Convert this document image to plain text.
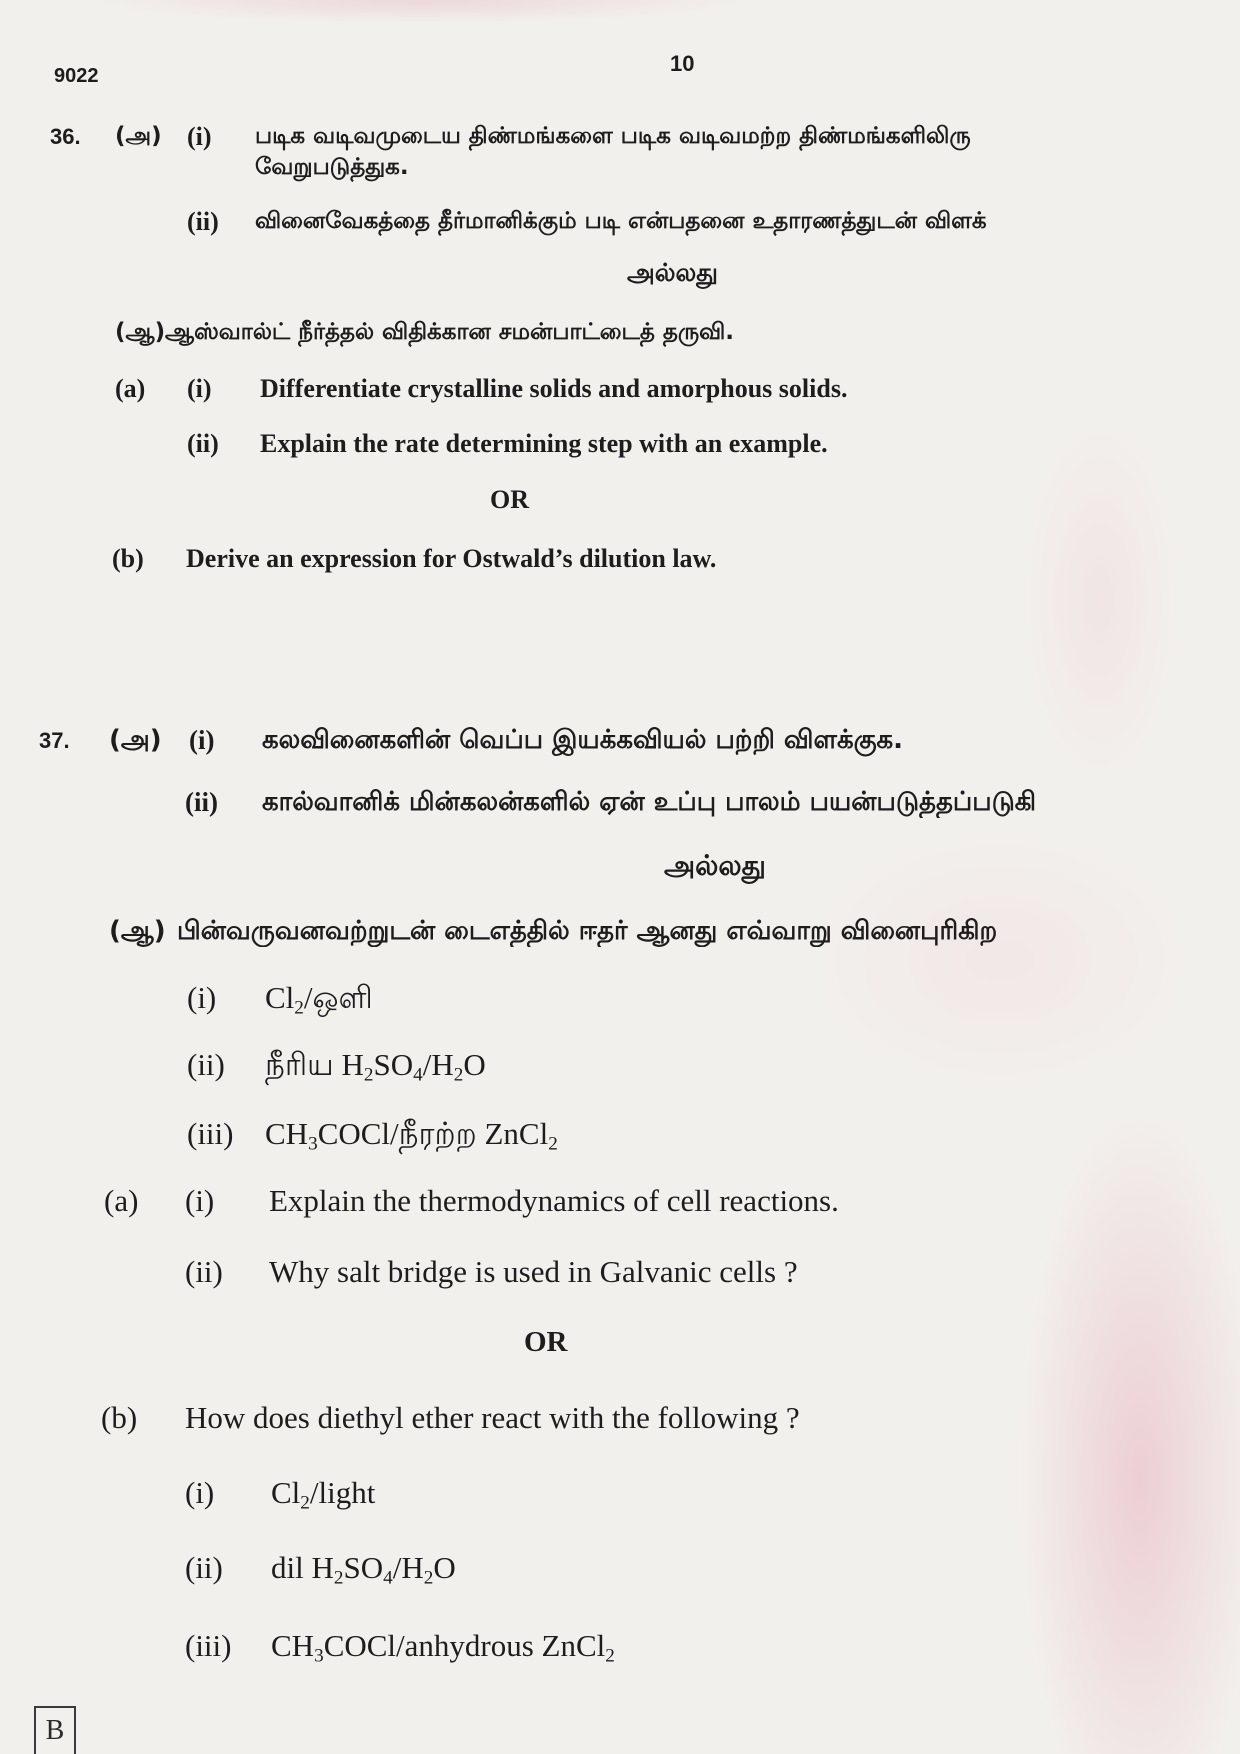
9022	10
36. (அ) (i) படிக வடிவமுடைய திண்மங்களை படிக வடிவமற்ற திண்மங்களிலிரு
வேறுபடுத்துக.
(ii) வினைவேகத்தை தீர்மானிக்கும் படி என்பதனை உதாரணத்துடன் விளக்
அல்லது
(ஆ) ஆஸ்வால்ட் நீர்த்தல் விதிக்கான சமன்பாட்டைத் தருவி.
(a) (i) Differentiate crystalline solids and amorphous solids.
(ii) Explain the rate determining step with an example.
OR
(b) Derive an expression for Ostwald’s dilution law.
37. (அ) (i) கலவினைகளின் வெப்ப இயக்கவியல் பற்றி விளக்குக.
(ii) கால்வானிக் மின்கலன்களில் ஏன் உப்பு பாலம் பயன்படுத்தப்படுகி
அல்லது
(ஆ) பின்வருவனவற்றுடன் டைஎத்தில் ஈதர் ஆனது எவ்வாறு வினைபுரிகிற
(i) $Cl_2/ஒளி$
(ii) நீரிய $H_2SO_4/H_2O$
(iii) $CH_3COCl/நீரற்ற$ ZnCl$_2$
(a) (i) Explain the thermodynamics of cell reactions.
(ii) Why salt bridge is used in Galvanic cells ?
OR
(b) How does diethyl ether react with the following ?
(i) $Cl_2$/light
(ii) dil $H_2SO_4/H_2O$
(iii) $CH_3COCl$/anhydrous ZnCl$_2$
B
